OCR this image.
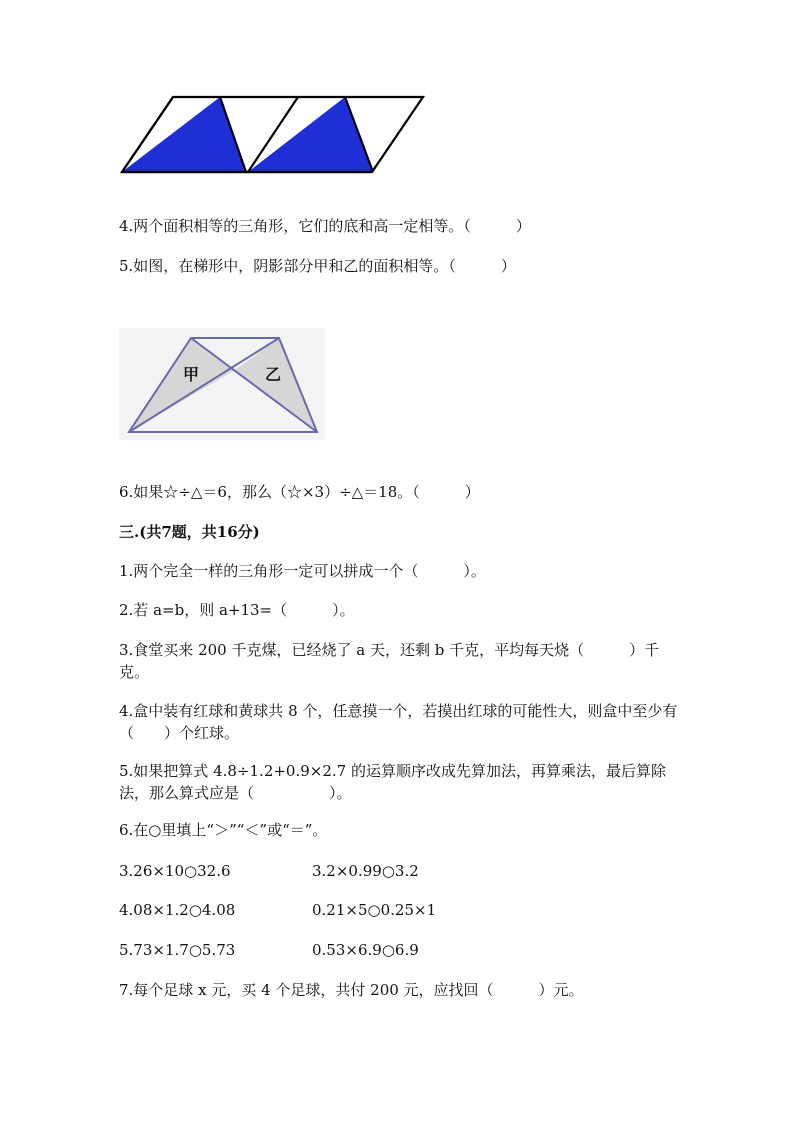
4.两个面积相等的三角形，它们的底和高一定相等。（　　　）
5.如图，在梯形中，阴影部分甲和乙的面积相等。（　　　）
甲	乙
6.如果☆÷△＝6，那么（☆×3）÷△＝18。（　　　）
三.(共7题，共16分)
1.两个完全一样的三角形一定可以拼成一个（　　　）。
2.若 a=b，则 a+13=（　　　）。
3.食堂买来 200 千克煤，已经烧了 a 天，还剩 b 千克，平均每天烧（　　　）千克。
4.盒中装有红球和黄球共 8 个，任意摸一个，若摸出红球的可能性大，则盒中至少有（　　）个红球。
5.如果把算式 4.8÷1.2+0.9×2.7 的运算顺序改成先算加法，再算乘法，最后算除法，那么算式应是（　　　　　）。
6.在○里填上“＞”“＜”或“＝”。
3.26×10○32.6	3.2×0.99○3.2
4.08×1.2○4.08	0.21×5○0.25×1
5.73×1.7○5.73	0.53×6.9○6.9
7.每个足球 x 元，买 4 个足球，共付 200 元，应找回（　　　）元。
